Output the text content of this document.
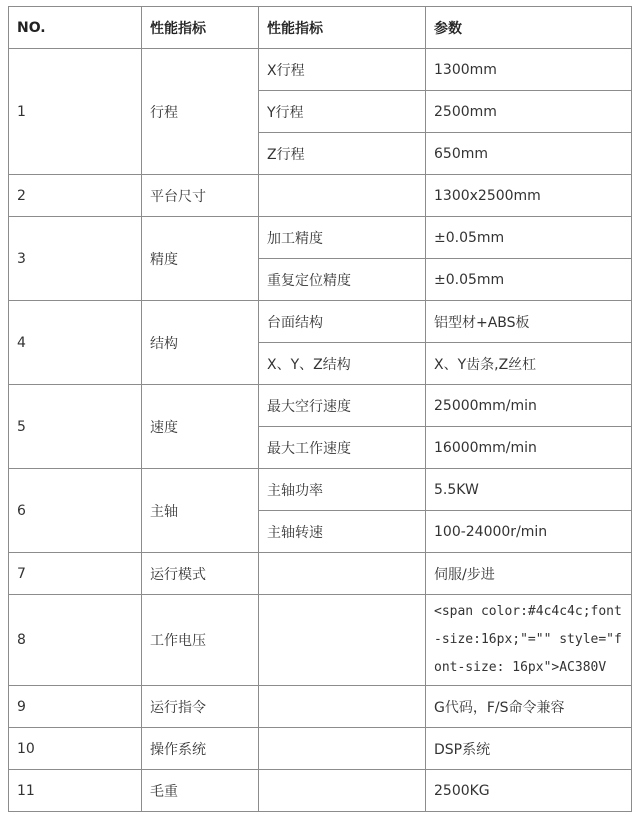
NO.	性能指标	性能指标	参数
1	行程	X行程	1300mm
		Y行程	2500mm
		Z行程	650mm
2	平台尺寸		1300x2500mm
3	精度	加工精度	±0.05mm
		重复定位精度	±0.05mm
4	结构	台面结构	铝型材+ABS板
		X、Y、Z结构	X、Y齿条,Z丝杠
5	速度	最大空行速度	25000mm/min
		最大工作速度	16000mm/min
6	主轴	主轴功率	5.5KW
		主轴转速	100-24000r/min
7	运行模式		伺服/步进
8	工作电压		<span color:#4c4c4c;font-size:16px;"="" style="font-size: 16px">AC380V
9	运行指令		G代码，F/S命令兼容
10	操作系统		DSP系统
11	毛重		2500KG
